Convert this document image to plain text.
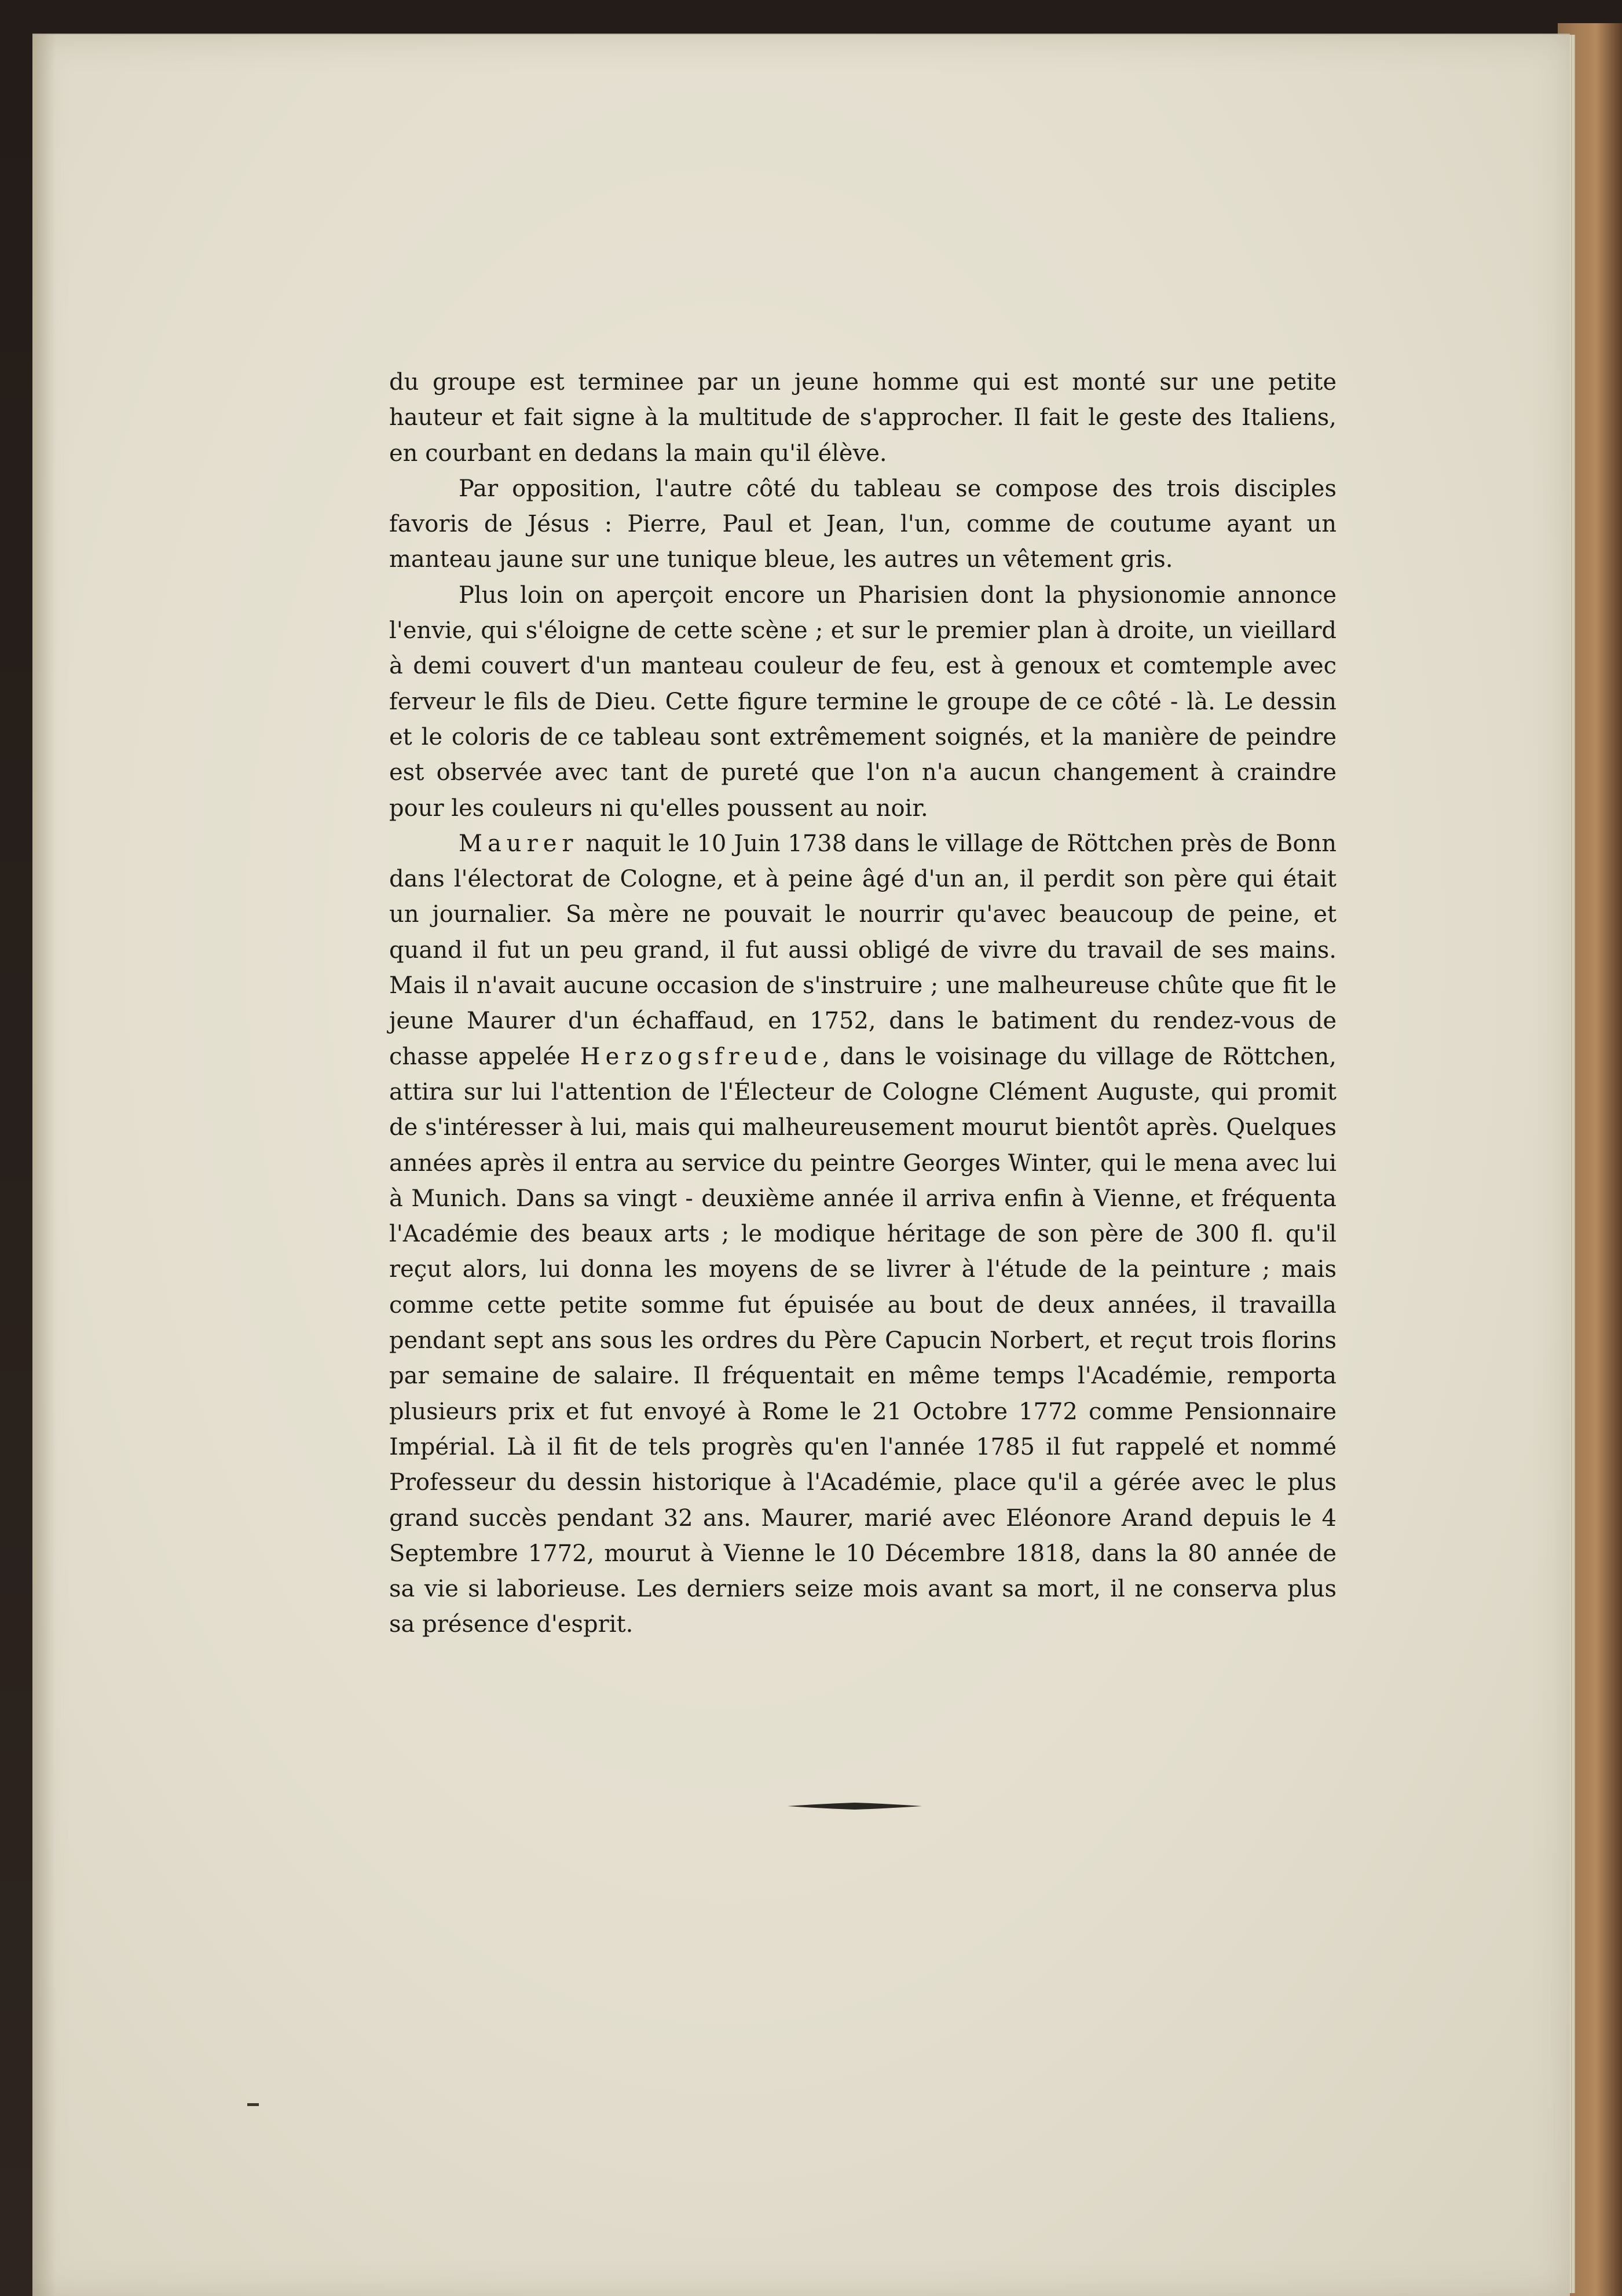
du groupe est terminee par un jeune homme qui est monté sur une petite hauteur et fait signe à la multitude de s'approcher. Il fait le geste des Italiens, en courbant en dedans la main qu'il élève.

Par opposition, l'autre côté du tableau se compose des trois disciples favoris de Jésus : Pierre, Paul et Jean, l'un, comme de coutume ayant un manteau jaune sur une tunique bleue, les autres un vêtement gris.

Plus loin on aperçoit encore un Pharisien dont la physionomie annonce l'envie, qui s'éloigne de cette scène ; et sur le premier plan à droite, un vieillard à demi couvert d'un manteau couleur de feu, est à genoux et comtemple avec ferveur le fils de Dieu. Cette figure termine le groupe de ce côté - là. Le dessin et le coloris de ce tableau sont extrêmement soignés, et la manière de peindre est observée avec tant de pureté que l'on n'a aucun changement à craindre pour les couleurs ni qu'elles poussent au noir.

Maurer naquit le 10 Juin 1738 dans le village de Röttchen près de Bonn dans l'électorat de Cologne, et à peine âgé d'un an, il perdit son père qui était un journalier. Sa mère ne pouvait le nourrir qu'avec beaucoup de peine, et quand il fut un peu grand, il fut aussi obligé de vivre du travail de ses mains. Mais il n'avait aucune occasion de s'instruire ; une malheureuse chûte que fit le jeune Maurer d'un échaffaud, en 1752, dans le batiment du rendez-vous de chasse appelée Herzogsfreude, dans le voisinage du village de Röttchen, attira sur lui l'attention de l'Électeur de Cologne Clément Auguste, qui promit de s'intéresser à lui, mais qui malheureusement mourut bientôt après. Quelques années après il entra au service du peintre Georges Winter, qui le mena avec lui à Munich. Dans sa vingt - deuxième année il arriva enfin à Vienne, et fréquenta l'Académie des beaux arts ; le modique héritage de son père de 300 fl. qu'il reçut alors, lui donna les moyens de se livrer à l'étude de la peinture ; mais comme cette petite somme fut épuisée au bout de deux années, il travailla pendant sept ans sous les ordres du Père Capucin Norbert, et reçut trois florins par semaine de salaire. Il fréquentait en même temps l'Académie, remporta plusieurs prix et fut envoyé à Rome le 21 Octobre 1772 comme Pensionnaire Impérial. Là il fit de tels progrès qu'en l'année 1785 il fut rappelé et nommé Professeur du dessin historique à l'Académie, place qu'il a gérée avec le plus grand succès pendant 32 ans. Maurer, marié avec Eléonore Arand depuis le 4 Septembre 1772, mourut à Vienne le 10 Décembre 1818, dans la 80 année de sa vie si laborieuse. Les derniers seize mois avant sa mort, il ne conserva plus sa présence d'esprit.
